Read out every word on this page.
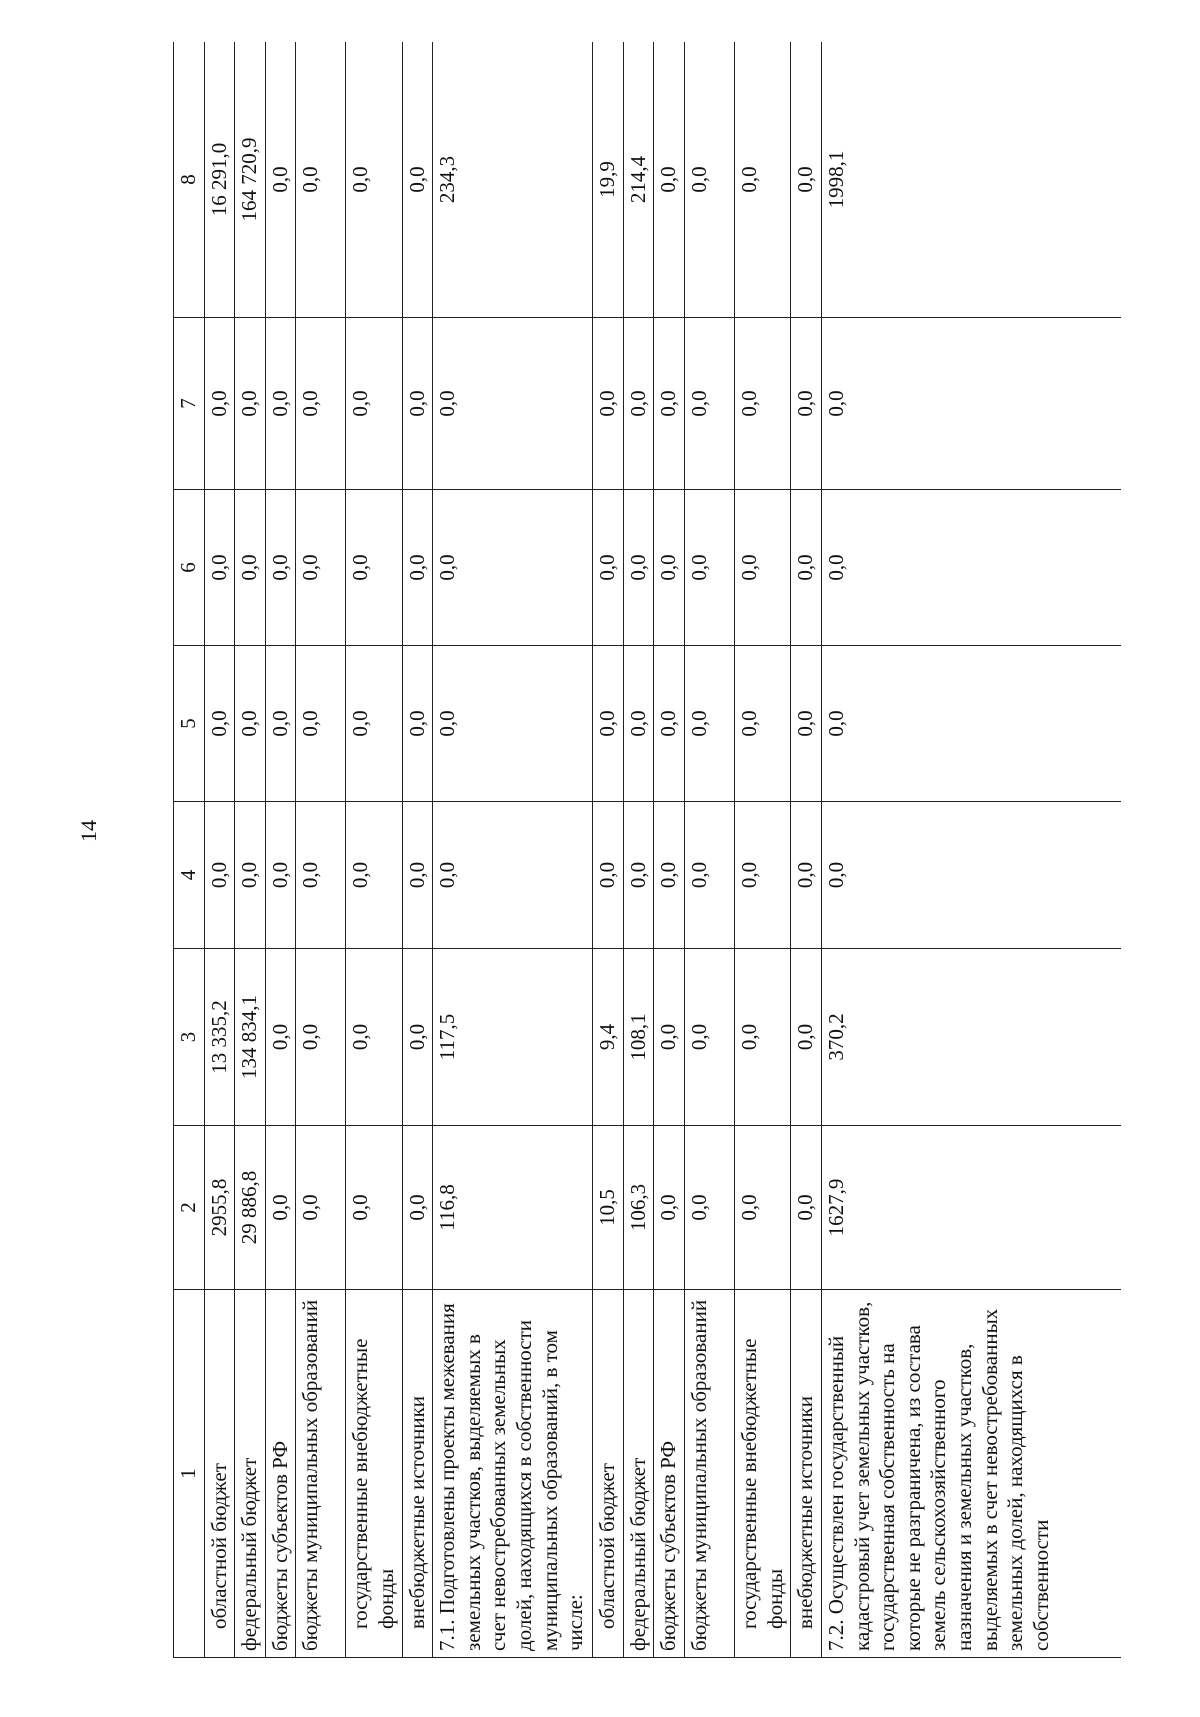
14
1	2	3	4	5	6	7	8
областной бюджет	2955,8	13 335,2	0,0	0,0	0,0	0,0	16 291,0
федеральный бюджет	29 886,8	134 834,1	0,0	0,0	0,0	0,0	164 720,9
бюджеты субъектов РФ	0,0	0,0	0,0	0,0	0,0	0,0	0,0
бюджеты муниципальных образований	0,0	0,0	0,0	0,0	0,0	0,0	0,0
государственные внебюджетные фонды	0,0	0,0	0,0	0,0	0,0	0,0	0,0
внебюджетные источники	0,0	0,0	0,0	0,0	0,0	0,0	0,0
7.1. Подготовлены проекты межевания земельных участков, выделяемых в счет невостребованных земельных долей, находящихся в собственности муниципальных образований, в том числе:	116,8	117,5	0,0	0,0	0,0	0,0	234,3
областной бюджет	10,5	9,4	0,0	0,0	0,0	0,0	19,9
федеральный бюджет	106,3	108,1	0,0	0,0	0,0	0,0	214,4
бюджеты субъектов РФ	0,0	0,0	0,0	0,0	0,0	0,0	0,0
бюджеты муниципальных образований	0,0	0,0	0,0	0,0	0,0	0,0	0,0
государственные внебюджетные фонды	0,0	0,0	0,0	0,0	0,0	0,0	0,0
внебюджетные источники	0,0	0,0	0,0	0,0	0,0	0,0	0,0
7.2. Осуществлен государственный кадастровый учет земельных участков, государственная собственность на которые не разграничена, из состава земель сельскохозяйственного назначения и земельных участков, выделяемых в счет невостребованных земельных долей, находящихся в собственности	1627,9	370,2	0,0	0,0	0,0	0,0	1998,1
